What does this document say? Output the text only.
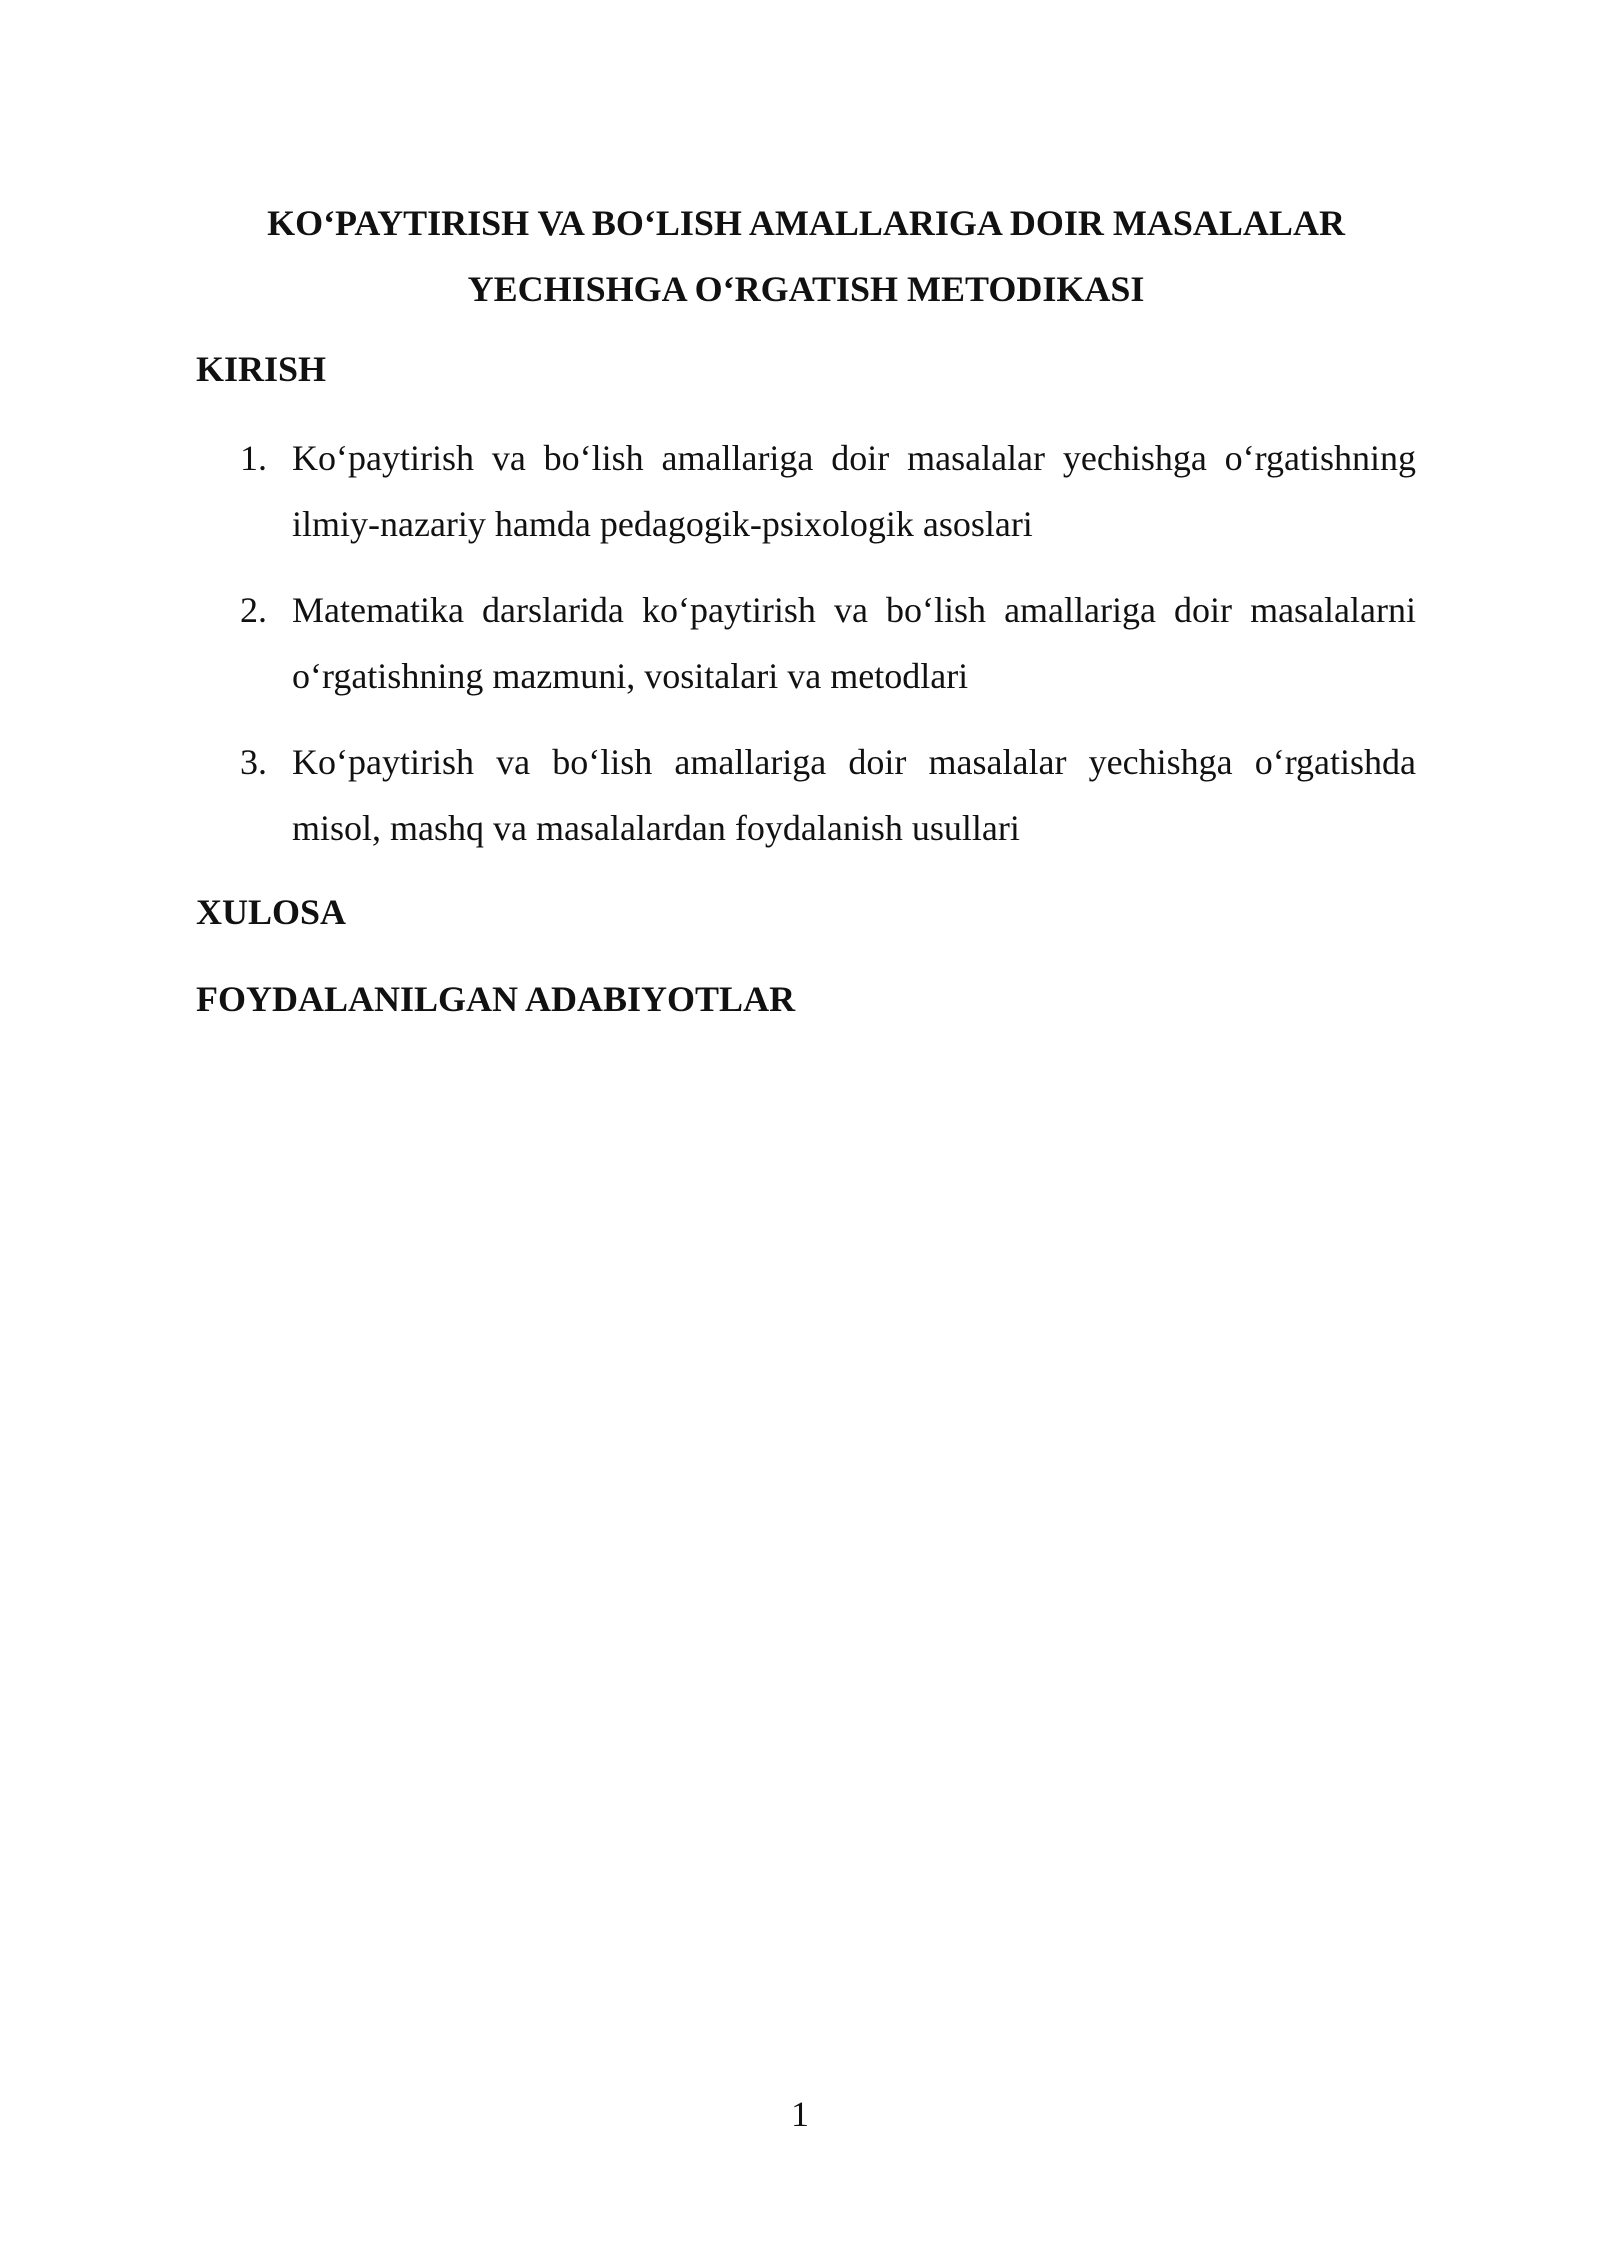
KO‘PAYTIRISH VA BO‘LISH AMALLARIGA DOIR MASALALAR
YECHISHGA O‘RGATISH METODIKASI
KIRISH
1. Ko‘paytirish va bo‘lish amallariga doir masalalar yechishga o‘rgatishning ilmiy-nazariy hamda pedagogik-psixologik asoslari
2. Matematika darslarida ko‘paytirish va bo‘lish amallariga doir masalalarni o‘rgatishning mazmuni, vositalari va metodlari
3. Ko‘paytirish va bo‘lish amallariga doir masalalar yechishga o‘rgatishda misol, mashq va masalalardan foydalanish usullari
XULOSA
FOYDALANILGAN ADABIYOTLAR
1
